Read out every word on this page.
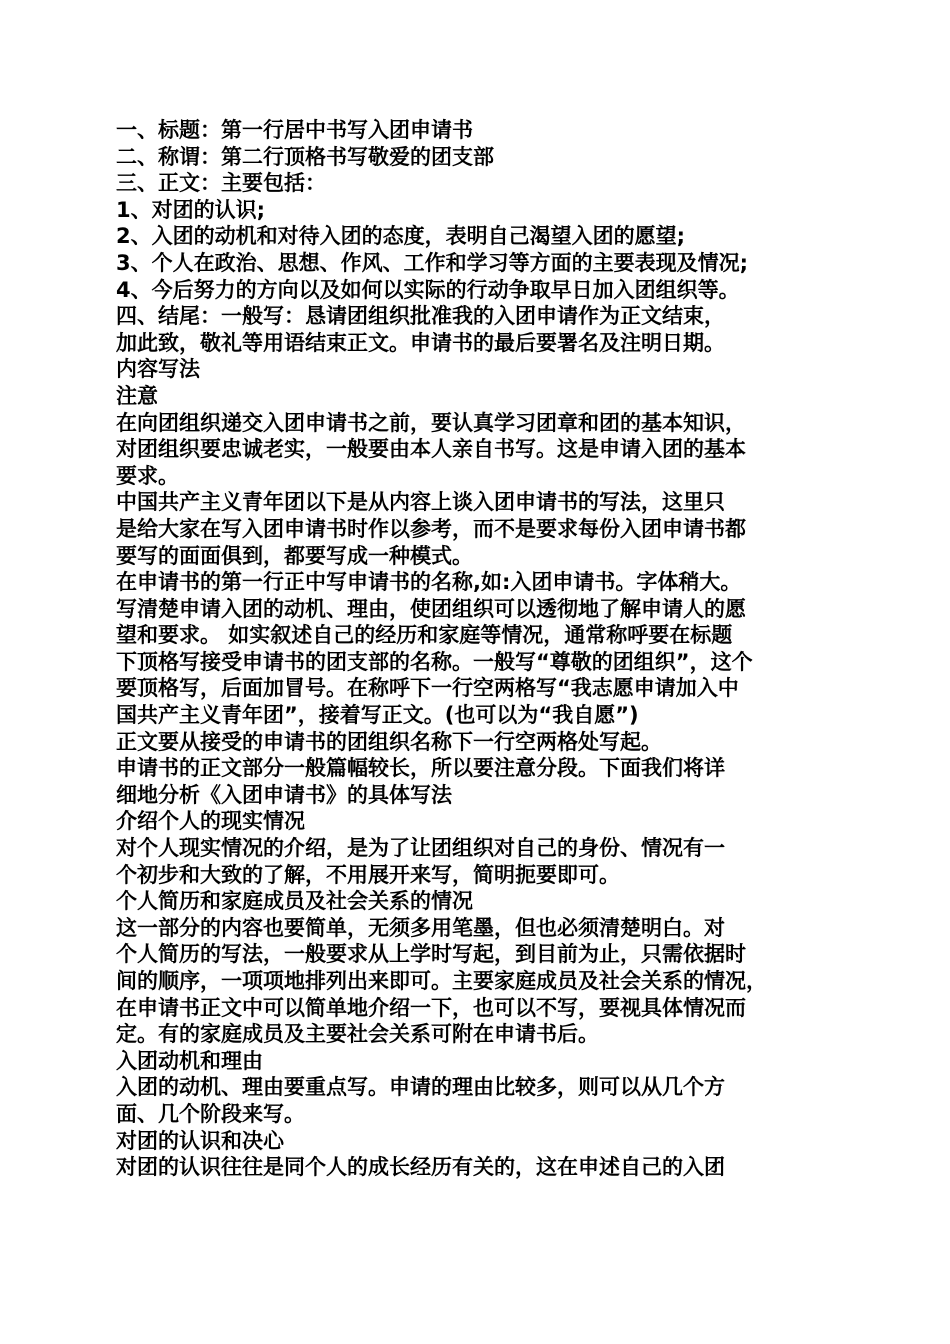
一、标题：第一行居中书写入团申请书
二、称谓：第二行顶格书写敬爱的团支部
三、正文：主要包括：
1、对团的认识;
2、入团的动机和对待入团的态度，表明自己渴望入团的愿望;
3、个人在政治、思想、作风、工作和学习等方面的主要表现及情况;
4、今后努力的方向以及如何以实际的行动争取早日加入团组织等。
四、结尾：一般写：恳请团组织批准我的入团申请作为正文结束，
加此致，敬礼等用语结束正文。申请书的最后要署名及注明日期。
内容写法
注意
在向团组织递交入团申请书之前，要认真学习团章和团的基本知识，
对团组织要忠诚老实，一般要由本人亲自书写。这是申请入团的基本
要求。
中国共产主义青年团以下是从内容上谈入团申请书的写法，这里只
是给大家在写入团申请书时作以参考，而不是要求每份入团申请书都
要写的面面俱到，都要写成一种模式。
在申请书的第一行正中写申请书的名称,如:入团申请书。字体稍大。
写清楚申请入团的动机、理由，使团组织可以透彻地了解申请人的愿
望和要求。 如实叙述自己的经历和家庭等情况，通常称呼要在标题
下顶格写接受申请书的团支部的名称。一般写“尊敬的团组织”，这个
要顶格写，后面加冒号。在称呼下一行空两格写“我志愿申请加入中
国共产主义青年团”，接着写正文。(也可以为“我自愿”)
正文要从接受的申请书的团组织名称下一行空两格处写起。
申请书的正文部分一般篇幅较长，所以要注意分段。下面我们将详
细地分析《入团申请书》的具体写法
介绍个人的现实情况
对个人现实情况的介绍，是为了让团组织对自己的身份、情况有一
个初步和大致的了解，不用展开来写，简明扼要即可。
个人简历和家庭成员及社会关系的情况
这一部分的内容也要简单，无须多用笔墨，但也必须清楚明白。对
个人简历的写法，一般要求从上学时写起，到目前为止，只需依据时
间的顺序，一项项地排列出来即可。主要家庭成员及社会关系的情况，
在申请书正文中可以简单地介绍一下，也可以不写，要视具体情况而
定。有的家庭成员及主要社会关系可附在申请书后。
入团动机和理由
入团的动机、理由要重点写。申请的理由比较多，则可以从几个方
面、几个阶段来写。
对团的认识和决心
对团的认识往往是同个人的成长经历有关的，这在申述自己的入团
